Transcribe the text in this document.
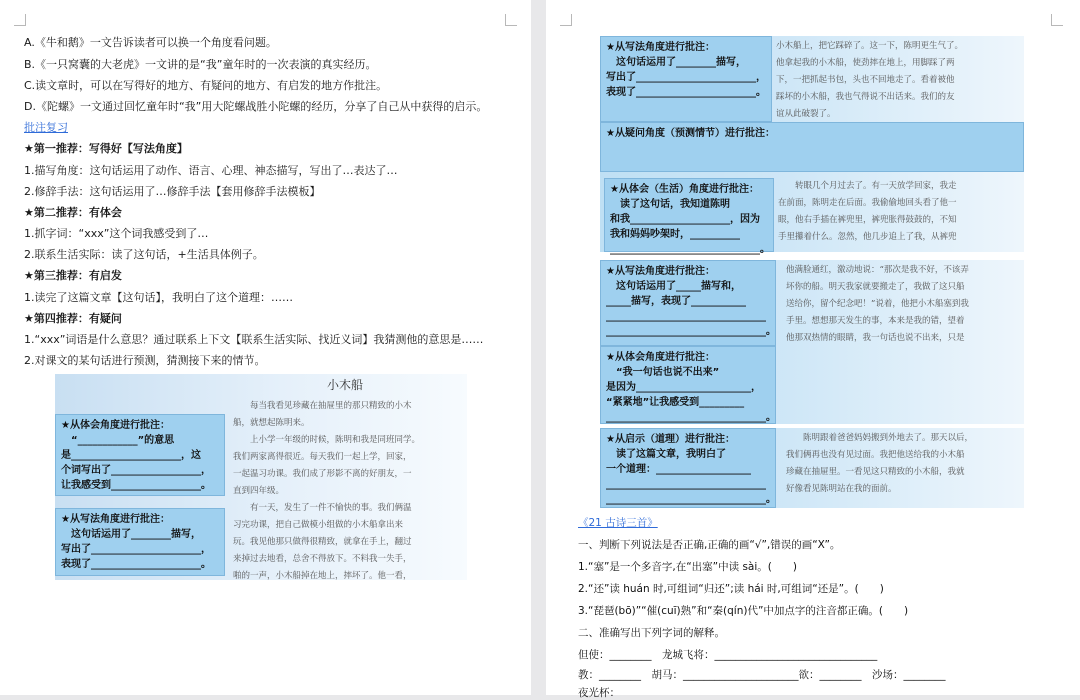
A.《牛和鹅》一文告诉读者可以换一个角度看问题。
B.《一只窝囊的大老虎》一文讲的是“我”童年时的一次表演的真实经历。
C.读文章时，可以在写得好的地方、有疑问的地方、有启发的地方作批注。
D.《陀螺》一文通过回忆童年时“我”用大陀螺战胜小陀螺的经历，分享了自己从中获得的启示。
批注复习
★第一推荐：写得好【写法角度】
1.描写角度：这句话运用了动作、语言、心理、神态描写，写出了…表达了…
2.修辞手法：这句话运用了…修辞手法【套用修辞手法模板】
★第二推荐：有体会
1.抓字词：“xxx”这个词我感受到了…
2.联系生活实际：读了这句话，+生活具体例子。
★第三推荐：有启发
1.读完了这篇文章【这句话】，我明白了这个道理：……
★第四推荐：有疑问
1.“xxx”词语是什么意思？通过联系上下文【联系生活实际、找近义词】我猜测他的意思是……
2.对课文的某句话进行预测，猜测接下来的情节。
★从体会角度进行批注：
　“____________”的意思
是______________________，这
个词写出了__________________，
让我感受到__________________。
★从写法角度进行批注：
　这句话运用了________描写，
写出了______________________，
表现了______________________。
小木船
　　每当我看见珍藏在抽屉里的那只精致的小木
船，就想起陈明来。
　　上小学一年级的时候，陈明和我是同班同学。
我们两家离得很近。每天我们一起上学，回家，
一起温习功课。我们成了形影不离的好朋友，一
直到四年级。
　　有一天，发生了一件不愉快的事。我们俩温
习完功课，把自己做模小组做的小木船拿出来
玩。我见他那只做得很精致，就拿在手上，翻过
来掉过去地看，总舍不得放下。不料我一失手，
啪的一声，小木船掉在地上，摔坏了。他一看，
★从写法角度进行批注：
　这句话运用了________描写，
写出了________________________，
表现了________________________。
小木船上，把它踩碎了。这一下，陈明更生气了。
他拿起我的小木船，使劲摔在地上，用脚踩了两
下，一把抓起书包，头也不回地走了。看着被他
踩坏的小木船，我也气得说不出话来。我们的友
谊从此破裂了。
★从疑问角度（预测情节）进行批注：
★从体会（生活）角度进行批注：
　读了这句话，我知道陈明
和我____________________，因为
我和妈妈吵架时，__________
______________________________。
　　转眼几个月过去了。有一天放学回家，我走
在前面，陈明走在后面。我偷偷地回头看了他一
眼，他右手插在裤兜里，裤兜胀得鼓鼓的，不知
手里攥着什么。忽然，他几步追上了我，从裤兜
★从写法角度进行批注：
　这句话运用了_____描写和，
_____描写，表现了___________
________________________________
________________________________。
他满脸通红，激动地说：“那次是我不好，不该弄
坏你的船。明天我家就要搬走了，我做了这只船
送给你，留个纪念吧！”说着，他把小木船塞到我
手里。想想那天发生的事，本来是我的错，望着
他那双热情的眼睛，我一句话也说不出来，只是

★从体会角度进行批注：
　“我一句话也说不出来”
是因为_______________________，
“紧紧地”让我感受到_________
________________________________。
★从启示（道理）进行批注：
　读了这篇文章，我明白了
一个道理：___________________
________________________________
________________________________。
　　陈明跟着爸爸妈妈搬到外地去了。那天以后，
我们俩再也没有见过面。我把他送给我的小木船
珍藏在抽屉里。一看见这只精致的小木船，我就
好像看见陈明站在我的面前。
《21 古诗三首》
一、判断下列说法是否正确,正确的画“√”,错误的画“X”。
1.“塞”是一个多音字,在“出塞”中读 sài。(　　)
2.“还”读 huán 时,可组词“归还”;读 hái 时,可组词“还是”。(　　)
3.“琵琶(bō)”“催(cuī)熟”和“秦(qín)代”中加点字的注音都正确。(　　)
二、准确写出下列字词的解释。
但使：________　龙城飞将：_______________________________
教：________　胡马：______________________欲：________　沙场：________
夜光杯：
